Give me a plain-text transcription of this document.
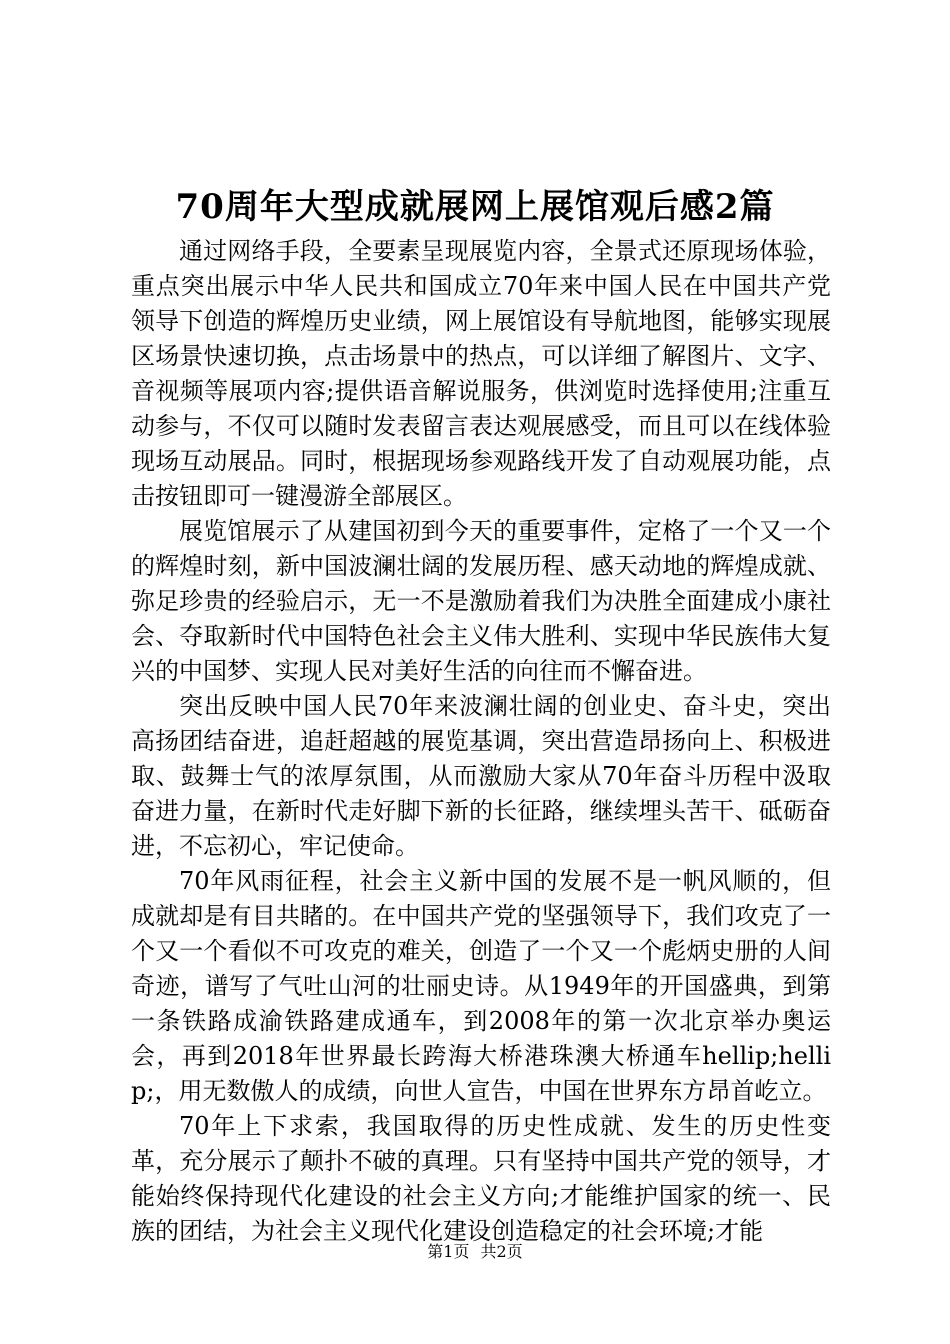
70周年大型成就展网上展馆观后感2篇

通过网络手段，全要素呈现展览内容，全景式还原现场体验，重点突出展示中华人民共和国成立70年来中国人民在中国共产党领导下创造的辉煌历史业绩，网上展馆设有导航地图，能够实现展区场景快速切换，点击场景中的热点，可以详细了解图片、文字、音视频等展项内容;提供语音解说服务，供浏览时选择使用;注重互动参与，不仅可以随时发表留言表达观展感受，而且可以在线体验现场互动展品。同时，根据现场参观路线开发了自动观展功能，点击按钮即可一键漫游全部展区。

展览馆展示了从建国初到今天的重要事件，定格了一个又一个的辉煌时刻，新中国波澜壮阔的发展历程、感天动地的辉煌成就、弥足珍贵的经验启示，无一不是激励着我们为决胜全面建成小康社会、夺取新时代中国特色社会主义伟大胜利、实现中华民族伟大复兴的中国梦、实现人民对美好生活的向往而不懈奋进。

突出反映中国人民70年来波澜壮阔的创业史、奋斗史，突出高扬团结奋进，追赶超越的展览基调，突出营造昂扬向上、积极进取、鼓舞士气的浓厚氛围，从而激励大家从70年奋斗历程中汲取奋进力量，在新时代走好脚下新的长征路，继续埋头苦干、砥砺奋进，不忘初心，牢记使命。

70年风雨征程，社会主义新中国的发展不是一帆风顺的，但成就却是有目共睹的。在中国共产党的坚强领导下，我们攻克了一个又一个看似不可攻克的难关，创造了一个又一个彪炳史册的人间奇迹，谱写了气吐山河的壮丽史诗。从1949年的开国盛典，到第一条铁路成渝铁路建成通车，到2008年的第一次北京举办奥运会，再到2018年世界最长跨海大桥港珠澳大桥通车hellip;hellip;，用无数傲人的成绩，向世人宣告，中国在世界东方昂首屹立。

70年上下求索，我国取得的历史性成就、发生的历史性变革，充分展示了颠扑不破的真理。只有坚持中国共产党的领导，才能始终保持现代化建设的社会主义方向;才能维护国家的统一、民族的团结，为社会主义现代化建设创造稳定的社会环境;才能

第1页 共2页
